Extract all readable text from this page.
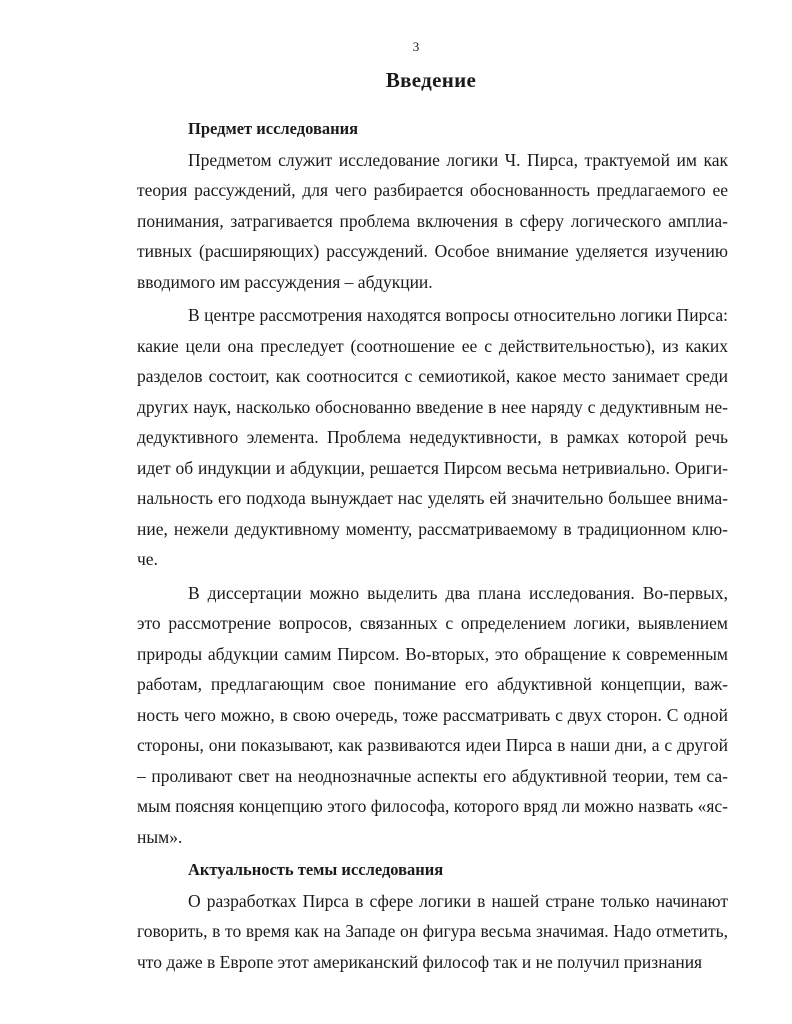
3
Введение
Предмет исследования

Предметом служит исследование логики Ч. Пирса, трактуемой им как теория рассуждений, для чего разбирается обоснованность предлагаемого ее понимания, затрагивается проблема включения в сферу логического амплиативных (расширяющих) рассуждений. Особое внимание уделяется изучению вводимого им рассуждения – абдукции.

В центре рассмотрения находятся вопросы относительно логики Пирса: какие цели она преследует (соотношение ее с действительностью), из каких разделов состоит, как соотносится с семиотикой, какое место занимает среди других наук, насколько обоснованно введение в нее наряду с дедуктивным недедуктивного элемента. Проблема недедуктивности, в рамках которой речь идет об индукции и абдукции, решается Пирсом весьма нетривиально. Оригинальность его подхода вынуждает нас уделять ей значительно большее внимание, нежели дедуктивному моменту, рассматриваемому в традиционном ключе.

В диссертации можно выделить два плана исследования. Во-первых, это рассмотрение вопросов, связанных с определением логики, выявлением природы абдукции самим Пирсом. Во-вторых, это обращение к современным работам, предлагающим свое понимание его абдуктивной концепции, важность чего можно, в свою очередь, тоже рассматривать с двух сторон. С одной стороны, они показывают, как развиваются идеи Пирса в наши дни, а с другой – проливают свет на неоднозначные аспекты его абдуктивной теории, тем самым поясняя концепцию этого философа, которого вряд ли можно назвать «ясным».

Актуальность темы исследования

О разработках Пирса в сфере логики в нашей стране только начинают говорить, в то время как на Западе он фигура весьма значимая. Надо отметить, что даже в Европе этот американский философ так и не получил признания
